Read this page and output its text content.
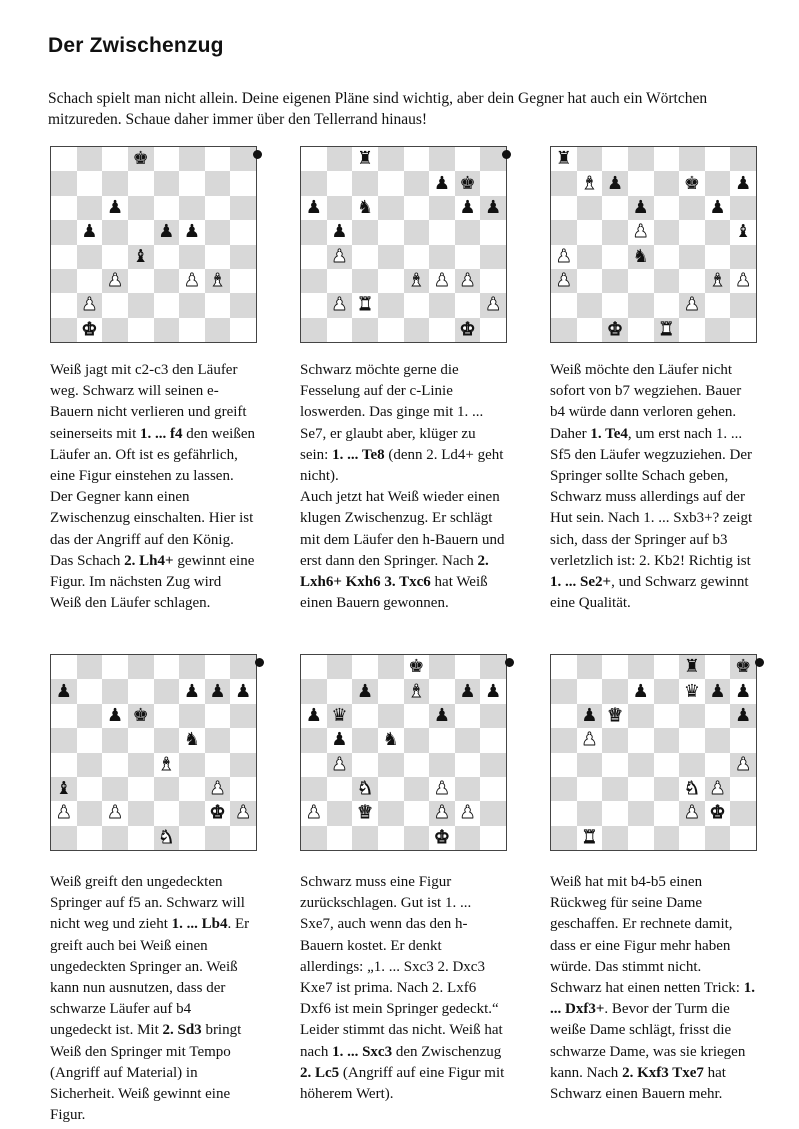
Der Zwischenzug
Schach spielt man nicht allein. Deine eigenen Pläne sind wichtig, aber dein Gegner hat auch ein Wörtchen mitzureden. Schaue daher immer über den Tellerrand hinaus!
♚
♟
♟	♟ ♟
♝
♟	♟ ♝
♟
♚

Weiß jagt mit c2-c3 den Läufer weg. Schwarz will seinen e-Bauern nicht verlieren und greift seinerseits mit 1. ... f4 den weißen Läufer an. Oft ist es gefährlich, eine Figur einstehen zu lassen. Der Gegner kann einen Zwischenzug einschalten. Hier ist das der Angriff auf den König. Das Schach 2. Lh4+ gewinnt eine Figur. Im nächsten Zug wird Weiß den Läufer schlagen.

♜
♟ ♚
♟ ♞	♟ ♟
♟
♟
♝ ♟ ♟
♟ ♜	♟
♚

Schwarz möchte gerne die Fesselung auf der c-Linie loswerden. Das ginge mit 1. ... Se7, er glaubt aber, klüger zu sein: 1. ... Te8 (denn 2. Ld4+ geht nicht).

Auch jetzt hat Weiß wieder einen klugen Zwischenzug. Er schlägt mit dem Läufer den h-Bauern und erst dann den Springer. Nach 2. Lxh6+ Kxh6 3. Txc6 hat Weiß einen Bauern gewonnen.

♜
♝ ♟	♚ ♟
♟	♟
♟	♝
♟	♞
♟	♝ ♟
♟
♚ ♜

Weiß möchte den Läufer nicht sofort von b7 wegziehen. Bauer b4 würde dann verloren gehen. Daher 1. Te4, um erst nach 1. ... Sf5 den Läufer wegzuziehen. Der Springer sollte Schach geben, Schwarz muss allerdings auf der Hut sein. Nach 1. ... Sxb3+? zeigt sich, dass der Springer auf b3 verletzlich ist: 2. Kb2! Richtig ist 1. ... Se2+, und Schwarz gewinnt eine Qualität.

♟	♟ ♟ ♟
♟ ♚
♞
♝
♝	♟
♟ ♟	♚ ♟
♞

Weiß greift den ungedeckten Springer auf f5 an. Schwarz will nicht weg und zieht 1. ... Lb4. Er greift auch bei Weiß einen ungedeckten Springer an. Weiß kann nun ausnutzen, dass der schwarze Läufer auf b4 ungedeckt ist. Mit 2. Sd3 bringt Weiß den Springer mit Tempo (Angriff auf Material) in Sicherheit. Weiß gewinnt eine Figur.

♚
♟ ♝ ♟ ♟
♟ ♛	♟
♟ ♞
♟
♞	♟
♟ ♛	♟ ♟
♚

Schwarz muss eine Figur zurückschlagen. Gut ist 1. ... Sxe7, auch wenn das den h-Bauern kostet. Er denkt allerdings: „1. ... Sxc3 2. Dxc3 Kxe7 ist prima. Nach 2. Lxf6 Dxf6 ist mein Springer gedeckt.“ Leider stimmt das nicht. Weiß hat nach 1. ... Sxc3 den Zwischenzug 2. Lc5 (Angriff auf eine Figur mit höherem Wert).

♜ ♚
♟ ♛ ♟ ♟
♟ ♛	♟
♟
♟
♞ ♟
♟ ♚
♜

Weiß hat mit b4-b5 einen Rückweg für seine Dame geschaffen. Er rechnete damit, dass er eine Figur mehr haben würde. Das stimmt nicht. Schwarz hat einen netten Trick: 1. ... Dxf3+. Bevor der Turm die weiße Dame schlägt, frisst die schwarze Dame, was sie kriegen kann. Nach 2. Kxf3 Txe7 hat Schwarz einen Bauern mehr.
